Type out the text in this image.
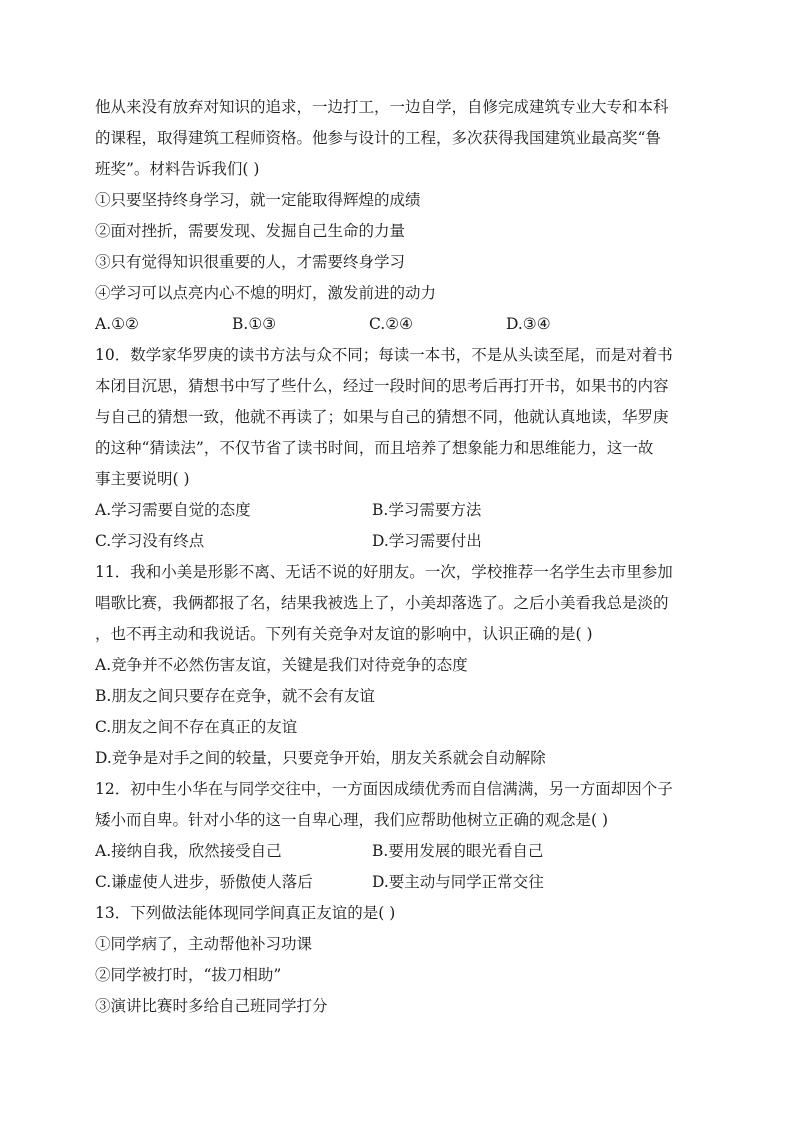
他从来没有放弃对知识的追求，一边打工，一边自学，自修完成建筑专业大专和本科
的课程，取得建筑工程师资格。他参与设计的工程，多次获得我国建筑业最高奖“鲁
班奖”。材料告诉我们( )
①只要坚持终身学习，就一定能取得辉煌的成绩
②面对挫折，需要发现、发掘自己生命的力量
③只有觉得知识很重要的人，才需要终身学习
④学习可以点亮内心不熄的明灯，激发前进的动力
A.①②	B.①③	C.②④	D.③④
10．数学家华罗庚的读书方法与众不同；每读一本书，不是从头读至尾，而是对着书
本闭目沉思，猜想书中写了些什么，经过一段时间的思考后再打开书，如果书的内容
与自己的猜想一致，他就不再读了；如果与自己的猜想不同，他就认真地读，华罗庚
的这种“猜读法”，不仅节省了读书时间，而且培养了想象能力和思维能力，这一故
事主要说明( )
A.学习需要自觉的态度	B.学习需要方法
C.学习没有终点	D.学习需要付出
11．我和小美是形影不离、无话不说的好朋友。一次，学校推荐一名学生去市里参加
唱歌比赛，我俩都报了名，结果我被选上了，小美却落选了。之后小美看我总是淡的
，也不再主动和我说话。下列有关竞争对友谊的影响中，认识正确的是( )
A.竞争并不必然伤害友谊，关键是我们对待竞争的态度
B.朋友之间只要存在竞争，就不会有友谊
C.朋友之间不存在真正的友谊
D.竞争是对手之间的较量，只要竞争开始，朋友关系就会自动解除
12．初中生小华在与同学交往中，一方面因成绩优秀而自信满满，另一方面却因个子
矮小而自卑。针对小华的这一自卑心理，我们应帮助他树立正确的观念是( )
A.接纳自我，欣然接受自己	B.要用发展的眼光看自己
C.谦虚使人进步，骄傲使人落后	D.要主动与同学正常交往
13．下列做法能体现同学间真正友谊的是( )
①同学病了，主动帮他补习功课
②同学被打时，“拔刀相助”
③演讲比赛时多给自己班同学打分
